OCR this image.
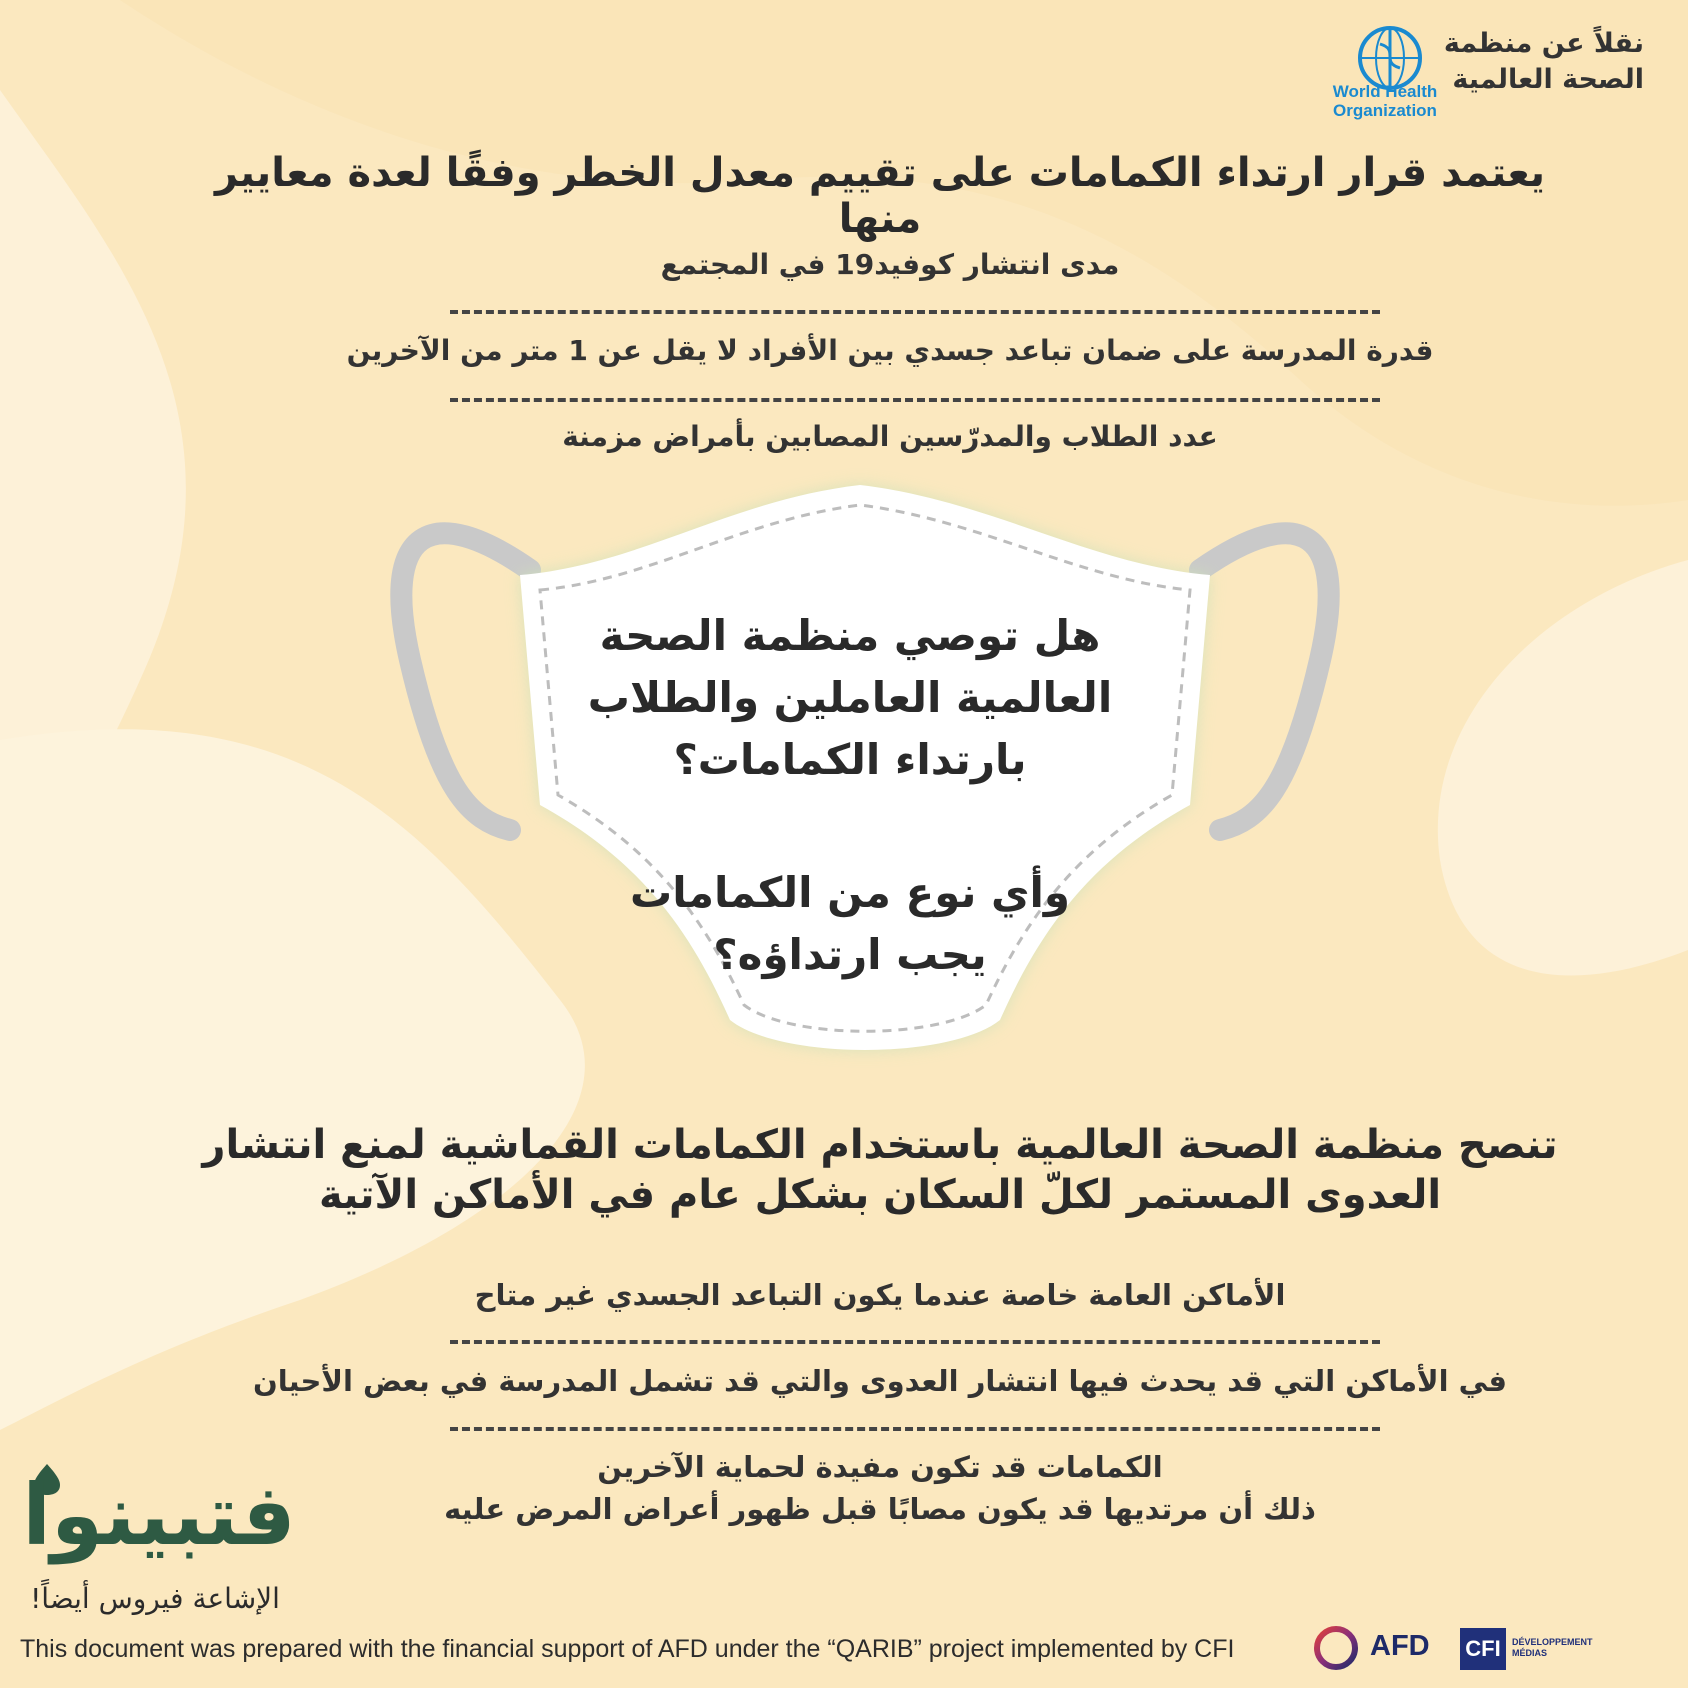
نقلاً عن منظمة الصحة العالمية
World Health
Organization
يعتمد قرار ارتداء الكمامات على تقييم معدل الخطر وفقًا لعدة معايير منها
مدى انتشار كوفيد19 في المجتمع
قدرة المدرسة على ضمان تباعد جسدي بين الأفراد لا يقل عن 1 متر من الآخرين
عدد الطلاب والمدرّسين المصابين بأمراض مزمنة
هل توصي منظمة الصحة
العالمية العاملين والطلاب
بارتداء الكمامات؟
وأي نوع من الكمامات
يجب ارتداؤه؟
تنصح منظمة الصحة العالمية باستخدام الكمامات القماشية لمنع انتشار
العدوى المستمر لكلّ السكان بشكل عام في الأماكن الآتية
الأماكن العامة خاصة عندما يكون التباعد الجسدي غير متاح
في الأماكن التي قد يحدث فيها انتشار العدوى والتي قد تشمل المدرسة في بعض الأحيان
الكمامات قد تكون مفيدة لحماية الآخرين
ذلك أن مرتديها قد يكون مصابًا قبل ظهور أعراض المرض عليه
فتبينوا
الإشاعة فيروس أيضاً!
This document was prepared with the financial support of AFD under the “QARIB” project implemented by CFI	AFD CFI	DÉVELOPPEMENT
MÉDIAS
